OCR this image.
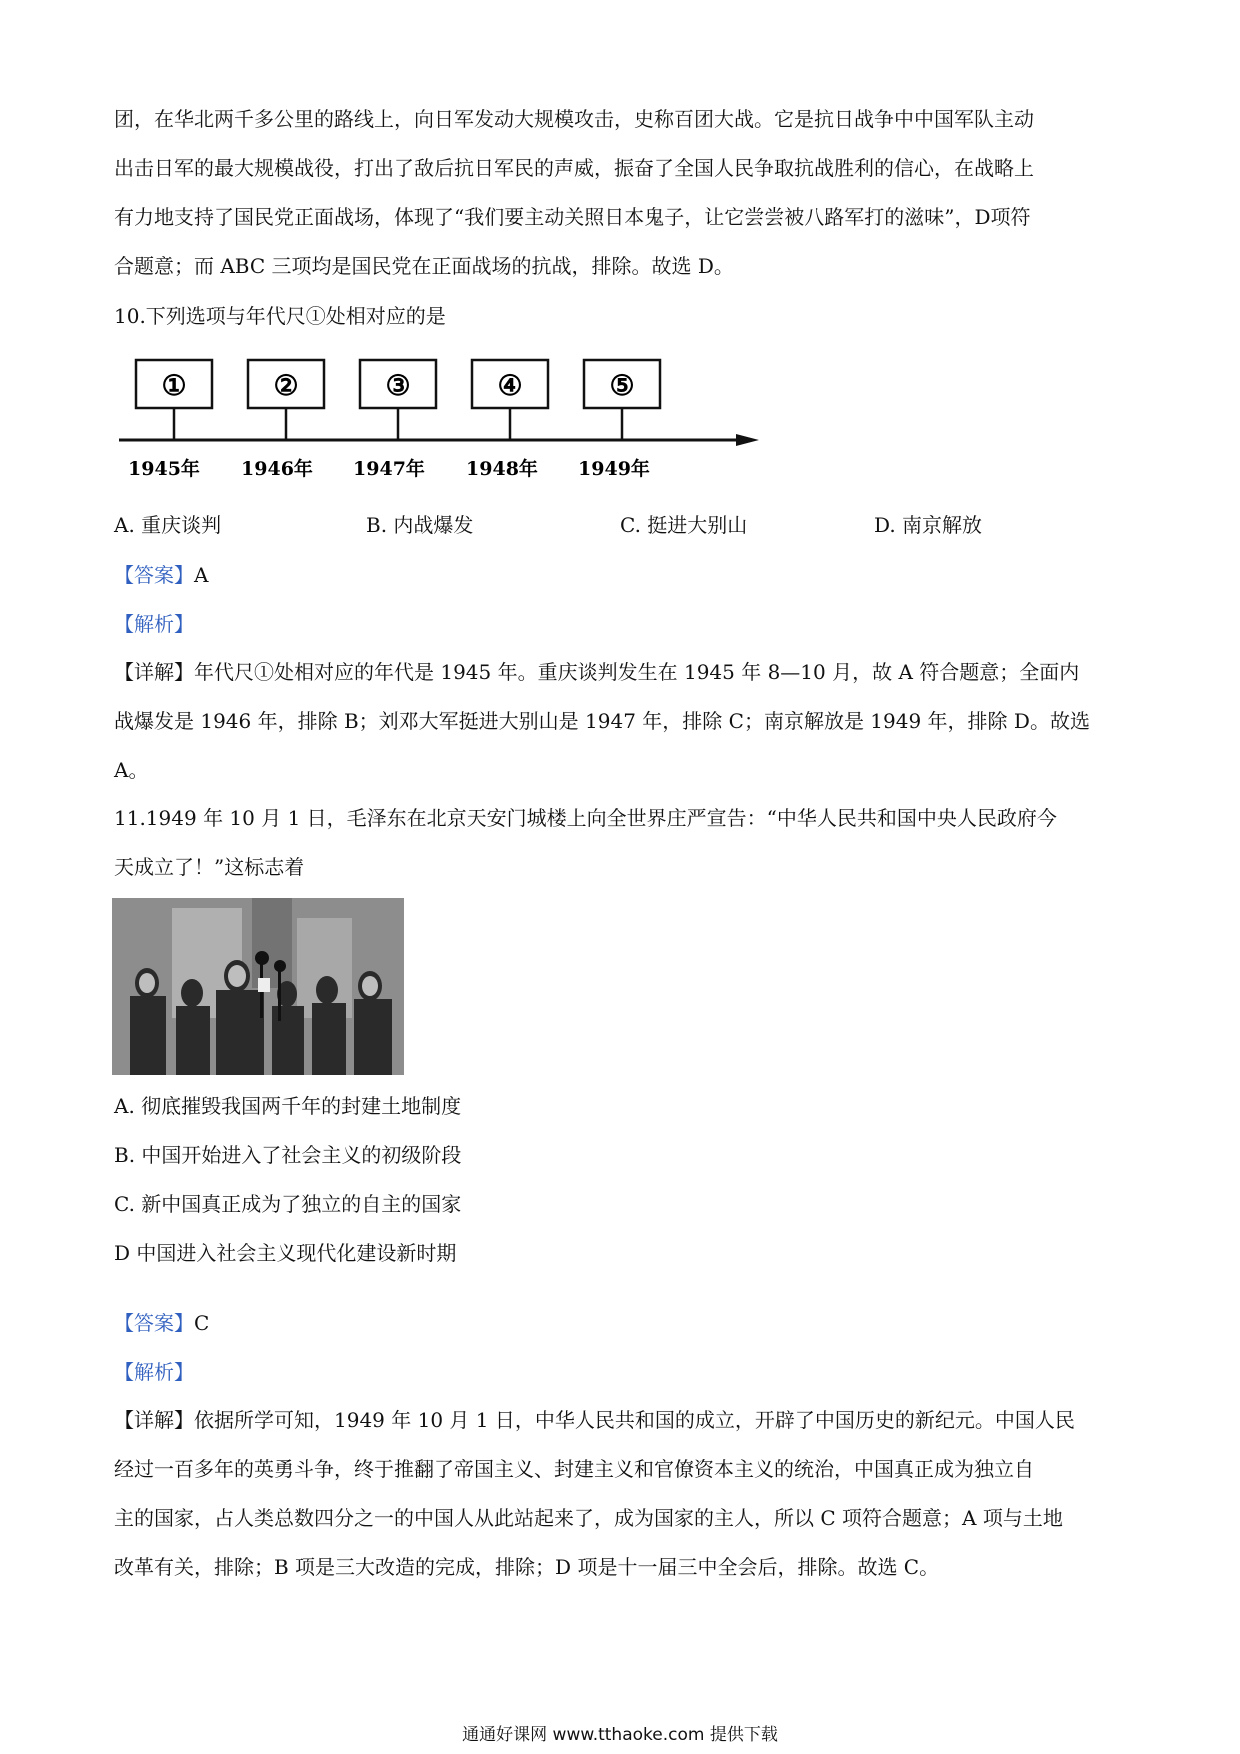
团，在华北两千多公里的路线上，向日军发动大规模攻击，史称百团大战。它是抗日战争中中国军队主动
出击日军的最大规模战役，打出了敌后抗日军民的声威，振奋了全国人民争取抗战胜利的信心，在战略上
有力地支持了国民党正面战场，体现了“我们要主动关照日本鬼子，让它尝尝被八路军打的滋味”，D项符
合题意；而 ABC 三项均是国民党在正面战场的抗战，排除。故选 D。
10.下列选项与年代尺①处相对应的是
①	②	③	④	⑤
1945年 1946年 1947年 1948年 1949年
A. 重庆谈判	B. 内战爆发	C. 挺进大别山	D. 南京解放
【答案】A
【解析】
【详解】年代尺①处相对应的年代是 1945 年。重庆谈判发生在 1945 年 8—10 月，故 A 符合题意；全面内
战爆发是 1946 年，排除 B；刘邓大军挺进大别山是 1947 年，排除 C；南京解放是 1949 年，排除 D。故选
A。
11.1949 年 10 月 1 日，毛泽东在北京天安门城楼上向全世界庄严宣告：“中华人民共和国中央人民政府今
天成立了！”这标志着
A. 彻底摧毁我国两千年的封建土地制度
B. 中国开始进入了社会主义的初级阶段
C. 新中国真正成为了独立的自主的国家
D 中国进入社会主义现代化建设新时期
【答案】C
【解析】
【详解】依据所学可知，1949 年 10 月 1 日，中华人民共和国的成立，开辟了中国历史的新纪元。中国人民
经过一百多年的英勇斗争，终于推翻了帝国主义、封建主义和官僚资本主义的统治，中国真正成为独立自
主的国家，占人类总数四分之一的中国人从此站起来了，成为国家的主人，所以 C 项符合题意；A 项与土地
改革有关，排除；B 项是三大改造的完成，排除；D 项是十一届三中全会后，排除。故选 C。
通通好课网 www.tthaoke.com 提供下载
